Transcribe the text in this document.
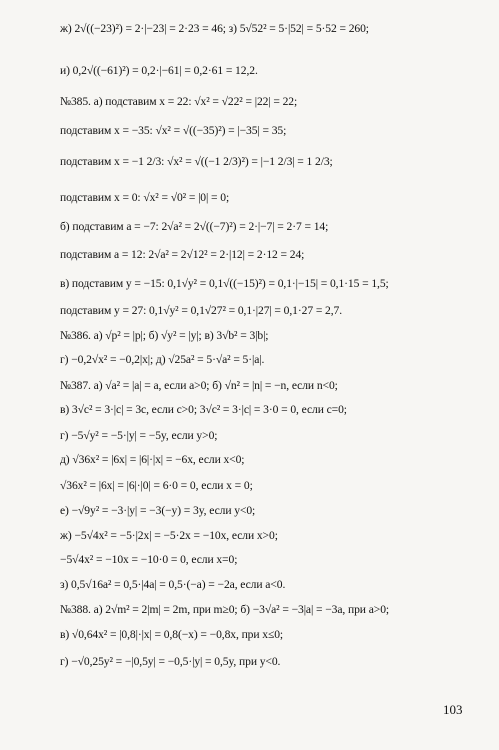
ж) 2√((−23)²) = 2·|−23| = 2·23 = 46; з) 5√52² = 5·|52| = 5·52 = 260;
и) 0,2√((−61)²) = 0,2·|−61| = 0,2·61 = 12,2.
№385. а) подставим x = 22: √x² = √22² = |22| = 22;
подставим x = −35: √x² = √((−35)²) = |−35| = 35;
подставим x = −1 2/3: √x² = √((−1 2/3)²) = |−1 2/3| = 1 2/3;
подставим x = 0: √x² = √0² = |0| = 0;
б) подставим a = −7: 2√a² = 2√((−7)²) = 2·|−7| = 2·7 = 14;
подставим a = 12: 2√a² = 2√12² = 2·|12| = 2·12 = 24;
в) подставим y = −15: 0,1√y² = 0,1√((−15)²) = 0,1·|−15| = 0,1·15 = 1,5;
подставим y = 27: 0,1√y² = 0,1√27² = 0,1·|27| = 0,1·27 = 2,7.
№386. а) √p² = |p|; б) √y² = |y|; в) 3√b² = 3|b|;
г) −0,2√x² = −0,2|x|; д) √25a² = 5·√a² = 5·|a|.
№387. а) √a² = |a| = a, если a>0; б) √n² = |n| = −n, если n<0;
в) 3√c² = 3·|c| = 3c, если c>0; 3√c² = 3·|c| = 3·0 = 0, если c=0;
г) −5√y² = −5·|y| = −5y, если y>0;
д) √36x² = |6x| = |6|·|x| = −6x, если x<0;
√36x² = |6x| = |6|·|0| = 6·0 = 0, если x = 0;
е) −√9y² = −3·|y| = −3(−y) = 3y, если y<0;
ж) −5√4x² = −5·|2x| = −5·2x = −10x, если x>0;
−5√4x² = −10x = −10·0 = 0, если x=0;
з) 0,5√16a² = 0,5·|4a| = 0,5·(−a) = −2a, если a<0.
№388. а) 2√m² = 2|m| = 2m, при m≥0; б) −3√a² = −3|a| = −3a, при a>0;
в) √0,64x² = |0,8|·|x| = 0,8(−x) = −0,8x, при x≤0;
г) −√0,25y² = −|0,5y| = −0,5·|y| = 0,5y, при y<0.
103
